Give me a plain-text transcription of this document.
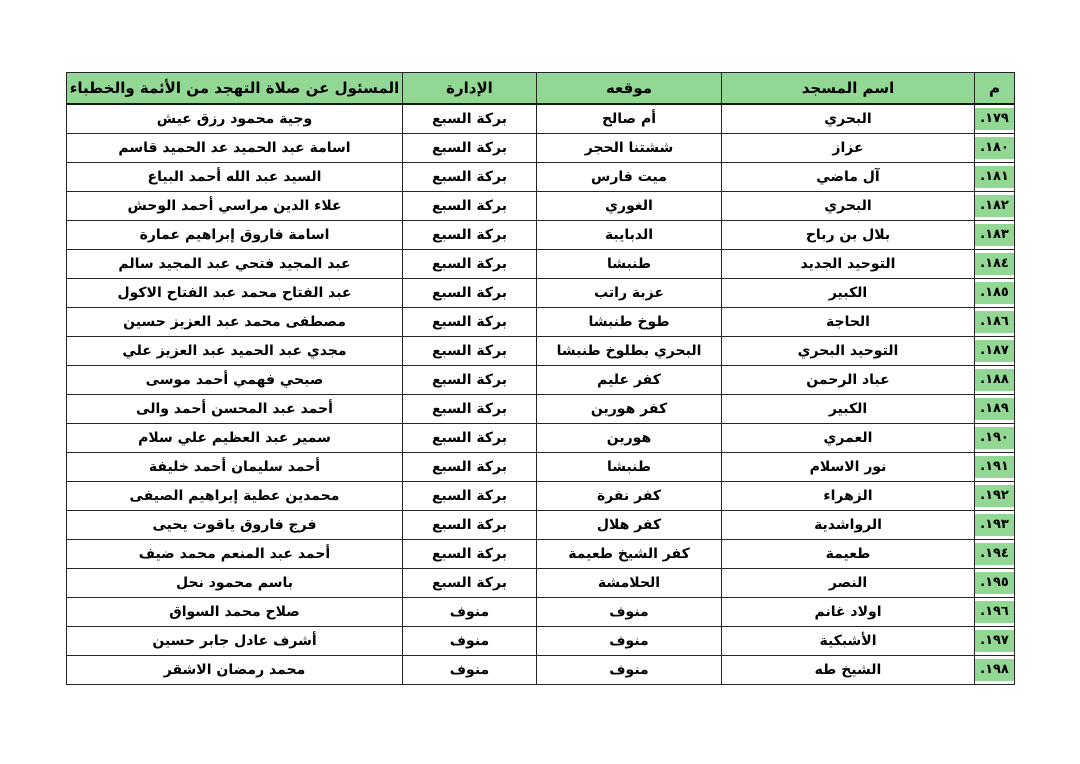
م	اسم المسجد	موقعه	الإدارة	المسئول عن صلاة التهجد من الأئمة والخطباء

١٧٩.	البحري	أم صالح	بركة السبع	وجية محمود رزق عيش

١٨٠.	عزاز	ششتنا الحجر	بركة السبع	اسامة عبد الحميد عد الحميد قاسم

١٨١.	آل ماضي	ميت فارس	بركة السبع	السيد عبد الله أحمد البياع

١٨٢.	البحري	الغوري	بركة السبع	علاء الدين مراسي أحمد الوحش

١٨٣.	بلال بن رباح	الدبايبة	بركة السبع	اسامة فاروق إبراهيم عمارة

١٨٤.	التوحيد الجديد	طنبشا	بركة السبع	عبد المجيد فتحي عبد المجيد سالم

١٨٥.	الكبير	عزبة راتب	بركة السبع	عبد الفتاح محمد عبد الفتاح الاكول

١٨٦.	الحاجة	طوخ طنبشا	بركة السبع	مصطفى محمد عبد العزيز حسين

١٨٧.	التوحيد البحري	البحري بطلوخ طنبشا	بركة السبع	مجدي عبد الحميد عبد العزيز علي

١٨٨.	عباد الرحمن	كفر عليم	بركة السبع	صبحي فهمي أحمد موسى

١٨٩.	الكبير	كفر هورين	بركة السبع	أحمد عبد المحسن أحمد والى

١٩٠.	العمري	هورين	بركة السبع	سمير عبد العظيم علي سلام

١٩١.	نور الاسلام	طنبشا	بركة السبع	أحمد سليمان أحمد خليفة

١٩٢.	الزهراء	كفر نفرة	بركة السبع	محمدين عطية إبراهيم الصيفى

١٩٣.	الرواشدية	كفر هلال	بركة السبع	فرج فاروق ياقوت يحيى

١٩٤.	طعيمة	كفر الشيخ طعيمة	بركة السبع	أحمد عبد المنعم محمد ضيف

١٩٥.	النصر	الحلامشة	بركة السبع	باسم محمود نحل

١٩٦.	اولاد غانم	منوف	منوف	صلاح محمد السواق

١٩٧.	الأشبكية	منوف	منوف	أشرف عادل جابر حسين

١٩٨.	الشيخ طه	منوف	منوف	محمد رمضان الاشقر
